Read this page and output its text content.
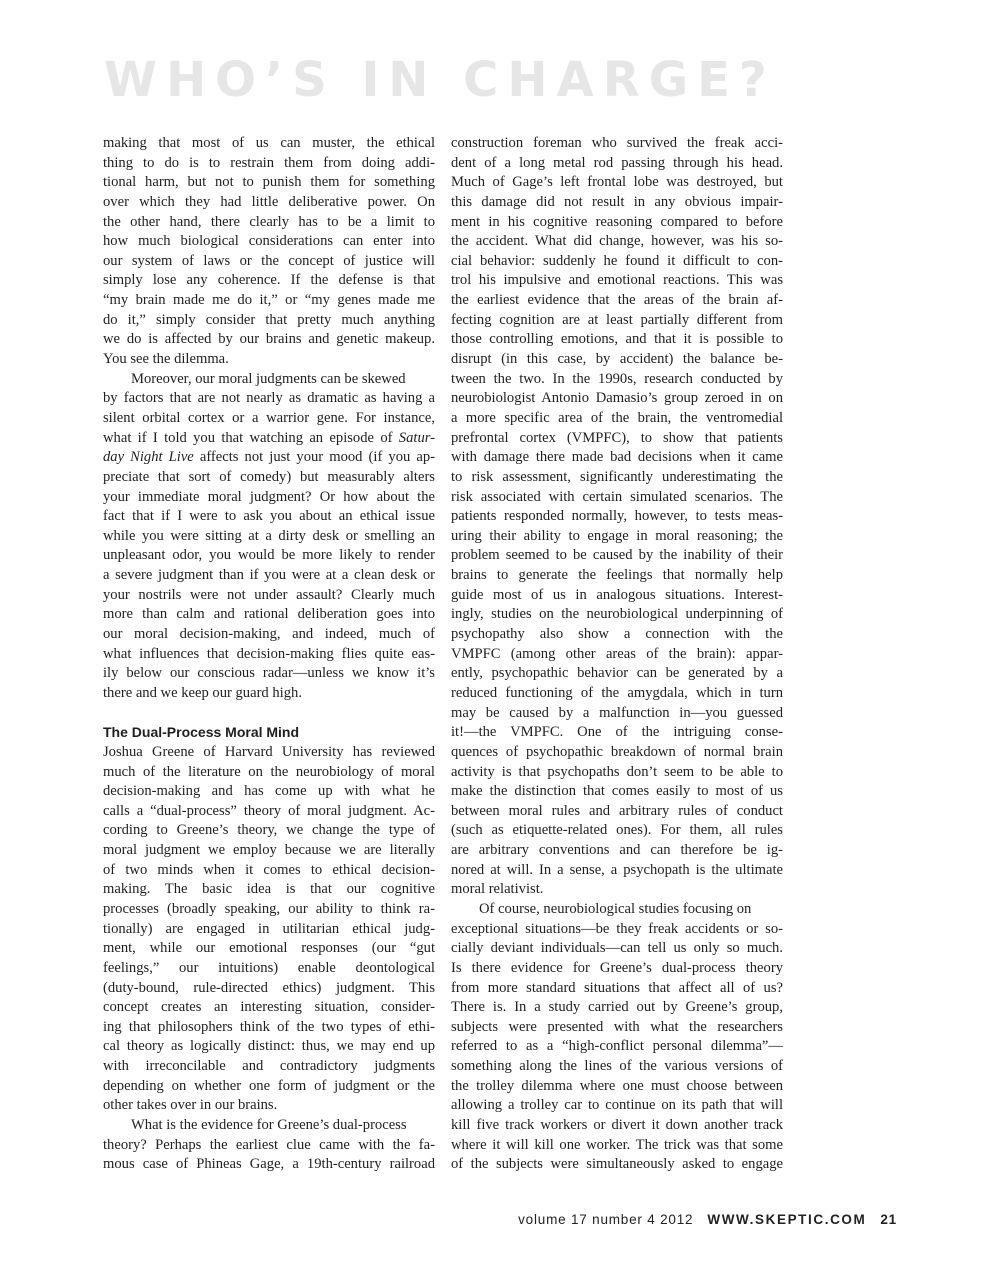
WHO’S IN CHARGE?
making that most of us can muster, the ethical
thing to do is to restrain them from doing addi-
tional harm, but not to punish them for something
over which they had little deliberative power. On
the other hand, there clearly has to be a limit to
how much biological considerations can enter into
our system of laws or the concept of justice will
simply lose any coherence. If the defense is that
“my brain made me do it,” or “my genes made me
do it,” simply consider that pretty much anything
we do is affected by our brains and genetic makeup.
You see the dilemma.
Moreover, our moral judgments can be skewed
by factors that are not nearly as dramatic as having a
silent orbital cortex or a warrior gene. For instance,
what if I told you that watching an episode of Satur-
day Night Live affects not just your mood (if you ap-
preciate that sort of comedy) but measurably alters
your immediate moral judgment? Or how about the
fact that if I were to ask you about an ethical issue
while you were sitting at a dirty desk or smelling an
unpleasant odor, you would be more likely to render
a severe judgment than if you were at a clean desk or
your nostrils were not under assault? Clearly much
more than calm and rational deliberation goes into
our moral decision-making, and indeed, much of
what influences that decision-making flies quite eas-
ily below our conscious radar—unless we know it’s
there and we keep our guard high.
The Dual-Process Moral Mind
Joshua Greene of Harvard University has reviewed
much of the literature on the neurobiology of moral
decision-making and has come up with what he
calls a “dual-process” theory of moral judgment. Ac-
cording to Greene’s theory, we change the type of
moral judgment we employ because we are literally
of two minds when it comes to ethical decision-
making. The basic idea is that our cognitive
processes (broadly speaking, our ability to think ra-
tionally) are engaged in utilitarian ethical judg-
ment, while our emotional responses (our “gut
feelings,” our intuitions) enable deontological
(duty-bound, rule-directed ethics) judgment. This
concept creates an interesting situation, consider-
ing that philosophers think of the two types of ethi-
cal theory as logically distinct: thus, we may end up
with irreconcilable and contradictory judgments
depending on whether one form of judgment or the
other takes over in our brains.
What is the evidence for Greene’s dual-process
theory? Perhaps the earliest clue came with the fa-
mous case of Phineas Gage, a 19th-century railroad
construction foreman who survived the freak acci-
dent of a long metal rod passing through his head.
Much of Gage’s left frontal lobe was destroyed, but
this damage did not result in any obvious impair-
ment in his cognitive reasoning compared to before
the accident. What did change, however, was his so-
cial behavior: suddenly he found it difficult to con-
trol his impulsive and emotional reactions. This was
the earliest evidence that the areas of the brain af-
fecting cognition are at least partially different from
those controlling emotions, and that it is possible to
disrupt (in this case, by accident) the balance be-
tween the two. In the 1990s, research conducted by
neurobiologist Antonio Damasio’s group zeroed in on
a more specific area of the brain, the ventromedial
prefrontal cortex (VMPFC), to show that patients
with damage there made bad decisions when it came
to risk assessment, significantly underestimating the
risk associated with certain simulated scenarios. The
patients responded normally, however, to tests meas-
uring their ability to engage in moral reasoning; the
problem seemed to be caused by the inability of their
brains to generate the feelings that normally help
guide most of us in analogous situations. Interest-
ingly, studies on the neurobiological underpinning of
psychopathy also show a connection with the
VMPFC (among other areas of the brain): appar-
ently, psychopathic behavior can be generated by a
reduced functioning of the amygdala, which in turn
may be caused by a malfunction in—you guessed
it!—the VMPFC. One of the intriguing conse-
quences of psychopathic breakdown of normal brain
activity is that psychopaths don’t seem to be able to
make the distinction that comes easily to most of us
between moral rules and arbitrary rules of conduct
(such as etiquette-related ones). For them, all rules
are arbitrary conventions and can therefore be ig-
nored at will. In a sense, a psychopath is the ultimate
moral relativist.
Of course, neurobiological studies focusing on
exceptional situations—be they freak accidents or so-
cially deviant individuals—can tell us only so much.
Is there evidence for Greene’s dual-process theory
from more standard situations that affect all of us?
There is. In a study carried out by Greene’s group,
subjects were presented with what the researchers
referred to as a “high-conflict personal dilemma”—
something along the lines of the various versions of
the trolley dilemma where one must choose between
allowing a trolley car to continue on its path that will
kill five track workers or divert it down another track
where it will kill one worker. The trick was that some
of the subjects were simultaneously asked to engage
volume 17 number 4 2012 WWW.SKEPTIC.COM 21
